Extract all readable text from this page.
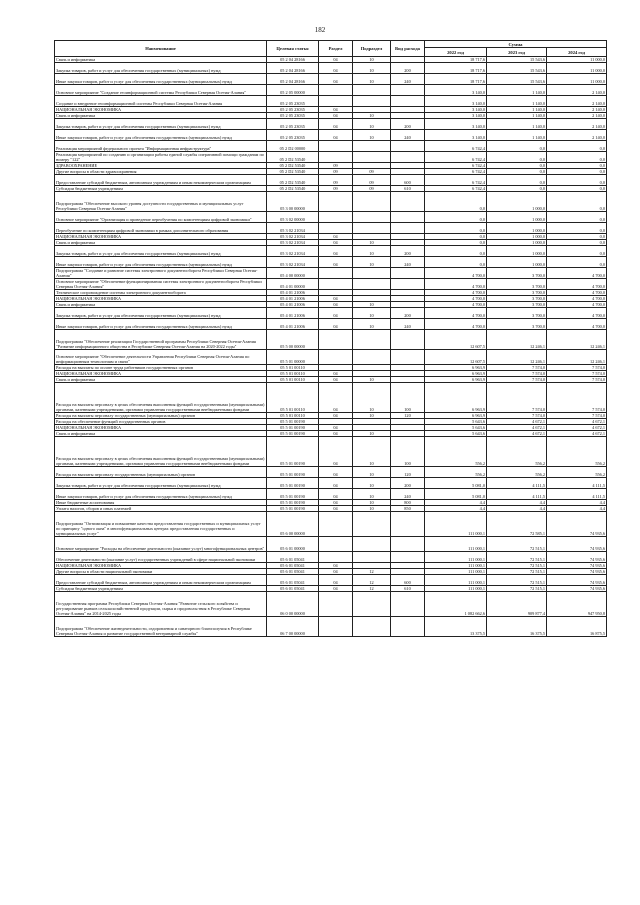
182
Наименование	Целевая статья	Раздел	Подраздел	Вид расхода	Сумма		
					2022 год	2023 год	2024 год
Связь и информатика	05 2 04 28166	04	10		18 717,6	15 543,6	11 000,0
Закупка товаров, работ и услуг для обеспечения государственных (муниципальных) нужд	05 2 04 28166	04	10	200	18 717,6	15 543,6	11 000,0
Иные закупки товаров, работ и услуг для обеспечения государственных (муниципальных) нужд	05 2 04 28166	04	10	240	18 717,6	15 543,6	11 000,0
Основное мероприятие "Создание геоинформационной системы Республики Северная Осетия-Алания"	05 2 05 00000				3 140,0	1 140,0	2 140,0
Создание и внедрение геоинформационной системы Республики Северная Осетия-Алания	05 2 05 23035				3 140,0	1 140,0	2 140,0
НАЦИОНАЛЬНАЯ ЭКОНОМИКА	05 2 05 23035	04			3 140,0	1 140,0	2 140,0
Связь и информатика	05 2 05 23035	04	10		3 140,0	1 140,0	2 140,0
Закупка товаров, работ и услуг для обеспечения государственных (муниципальных) нужд	05 2 05 23035	04	10	200	3 140,0	1 140,0	2 140,0
Иные закупки товаров, работ и услуг для обеспечения государственных (муниципальных) нужд	05 2 05 23035	04	10	240	3 140,0	1 140,0	2 140,0
Реализация мероприятий федерального проекта "Информационная инфраструктура"	05 2 D2 00000				6 742,4	0,0	0,0
Реализация мероприятий по созданию и организации работы единой службы оперативной помощи гражданам по номеру "122"	05 2 D2 53540				6 742,4	0,0	0,0
ЗДРАВООХРАНЕНИЕ	05 2 D2 53540	09			6 742,4	0,0	0,0
Другие вопросы в области здравоохранения	05 2 D2 53540	09	09		6 742,4	0,0	0,0
Предоставление субсидий бюджетным, автономным учреждениям и иным некоммерческим организациям	05 2 D2 53540	09	09	600	6 742,4	0,0	0,0
Субсидии бюджетным учреждениям	05 2 D2 53540	09	09	610	6 742,4	0,0	0,0
Подпрограмма "Обеспечение высокого уровня доступности государственных и муниципальных услуг Республики Северная Осетия-Алания"	05 3 00 00000				0,0	1 000,0	0,0
Основное мероприятие "Организация и проведение переобучения по компетенциям цифровой экономики"	05 3 02 00000				0,0	1 000,0	0,0
Переобучение по компетенциям цифровой экономики в рамках дополнительного образования	05 3 02 21034				0,0	1 000,0	0,0
НАЦИОНАЛЬНАЯ ЭКОНОМИКА	05 3 02 21034	04			0,0	1 000,0	0,0
Связь и информатика	05 3 02 21034	04	10		0,0	1 000,0	0,0
Закупка товаров, работ и услуг для обеспечения государственных (муниципальных) нужд	05 3 02 21034	04	10	200	0,0	1 000,0	0,0
Иные закупки товаров, работ и услуг для обеспечения государственных (муниципальных) нужд	05 3 02 21034	04	10	240	0,0	1 000,0	0,0
Подпрограмма "Создание и развитие системы электронного документооборота Республики Северная Осетия-Алания"	05 4 00 00000				4 700,0	3 700,0	4 700,0
Основное мероприятие "Обеспечение функционирования системы электронного документооборота Республики Северная Осетия-Алания"	05 4 01 00000				4 700,0	3 700,0	4 700,0
Техническое сопровождение системы электронного документооборота	05 4 01 21006				4 700,0	3 700,0	4 700,0
НАЦИОНАЛЬНАЯ ЭКОНОМИКА	05 4 01 21006	04			4 700,0	3 700,0	4 700,0
Связь и информатика	05 4 01 21006	04	10		4 700,0	3 700,0	4 700,0
Закупка товаров, работ и услуг для обеспечения государственных (муниципальных) нужд	05 4 01 21006	04	10	200	4 700,0	3 700,0	4 700,0
Иные закупки товаров, работ и услуг для обеспечения государственных (муниципальных) нужд	05 4 01 21006	04	10	240	4 700,0	3 700,0	4 700,0
Подпрограмма "Обеспечение реализации Государственной программы Республики Северная Осетия-Алания "Развитие информационного общества в Республике Северная Осетия-Алания на 2020-2022 годы"	05 5 00 00000				12 607,5	12 246,1	12 246,1
Основное мероприятие "Обеспечение деятельности Управления Республики Северная Осетия-Алания по информационным технологиям и связи"	05 5 01 00000				12 607,5	12 246,1	12 246,1
Расходы на выплаты по оплате труда работников государственных органов	05 5 01 00110				6 963,9	7 574,0	7 574,0
НАЦИОНАЛЬНАЯ ЭКОНОМИКА	05 5 01 00110	04			6 963,9	7 574,0	7 574,0
Связь и информатика	05 5 01 00110	04	10		6 963,9	7 574,0	7 574,0
Расходы на выплаты персоналу в целях обеспечения выполнения функций государственными (муниципальными) органами, казенными учреждениями, органами управления государственными внебюджетными фондами	05 5 01 00110	04	10	100	6 963,9	7 574,0	7 574,0
Расходы на выплаты персоналу государственных (муниципальных) органов	05 5 01 00110	04	10	120	6 963,9	7 574,0	7 574,0
Расходы на обеспечение функций государственных органов	05 5 01 00190				5 643,6	4 672,1	4 672,1
НАЦИОНАЛЬНАЯ ЭКОНОМИКА	05 5 01 00190	04			5 643,6	4 672,1	4 672,1
Связь и информатика	05 5 01 00190	04	10		5 643,6	4 672,1	4 672,1
Расходы на выплаты персоналу в целях обеспечения выполнения функций государственными (муниципальными) органами, казенными учреждениями, органами управления государственными внебюджетными фондами	05 5 01 00190	04	10	100	556,2	556,2	556,2
Расходы на выплаты персоналу государственных (муниципальных) органов	05 5 01 00190	04	10	120	556,2	556,2	556,2
Закупка товаров, работ и услуг для обеспечения государственных (муниципальных) нужд	05 5 01 00190	04	10	200	5 081,0	4 111,5	4 111,5
Иные закупки товаров, работ и услуг для обеспечения государственных (муниципальных) нужд	05 5 01 00190	04	10	240	5 081,0	4 111,5	4 111,5
Иные бюджетные ассигнования	05 5 01 00190	04	10	800	4,4	4,4	4,4
Уплата налогов, сборов и иных платежей	05 5 01 00190	04	10	850	4,4	4,4	4,4
Подпрограмма "Оптимизация и повышение качества предоставления государственных и муниципальных услуг по принципу "одного окна" в многофункциональных центрах предоставления государственных и муниципальных услуг"	05 6 00 00000				111 000,1	72 585,1	74 935,6
Основное мероприятие "Расходы на обеспечение деятельности (оказание услуг) многофункциональных центров"	05 6 01 00000				111 000,1	72 515,1	74 935,6
Обеспечение деятельности (оказание услуг) государственных учреждений в сфере национальной экономики	05 6 01 05041				111 000,1	72 515,1	74 935,6
НАЦИОНАЛЬНАЯ ЭКОНОМИКА	05 6 01 05041	04			111 000,1	72 515,1	74 935,6
Другие вопросы в области национальной экономики	05 6 01 05041	04	12		111 000,1	72 515,1	74 935,6
Предоставление субсидий бюджетным, автономным учреждениям и иным некоммерческим организациям	05 6 01 05041	04	12	600	111 000,1	72 515,1	74 935,6
Субсидии бюджетным учреждениям	05 6 01 05041	04	12	610	111 000,1	72 515,1	74 935,6
Государственная программа Республики Северная Осетия-Алания "Развитие сельского хозяйства и регулирование рынков сельскохозяйственной продукции, сырья и продовольствия в Республике Северная Осетия-Алания" на 2014-2025 годы	06 0 00 00000				1 082 662,6	909 877,4	947 950,8
Подпрограмма "Обеспечение жизнедеятельности, оздоровления и санаторного благополучия в Республике Северная Осетия-Алания и развитие государственной ветеринарной службы"	06 7 00 00000				13 375,5	16 375,5	16 875,5
